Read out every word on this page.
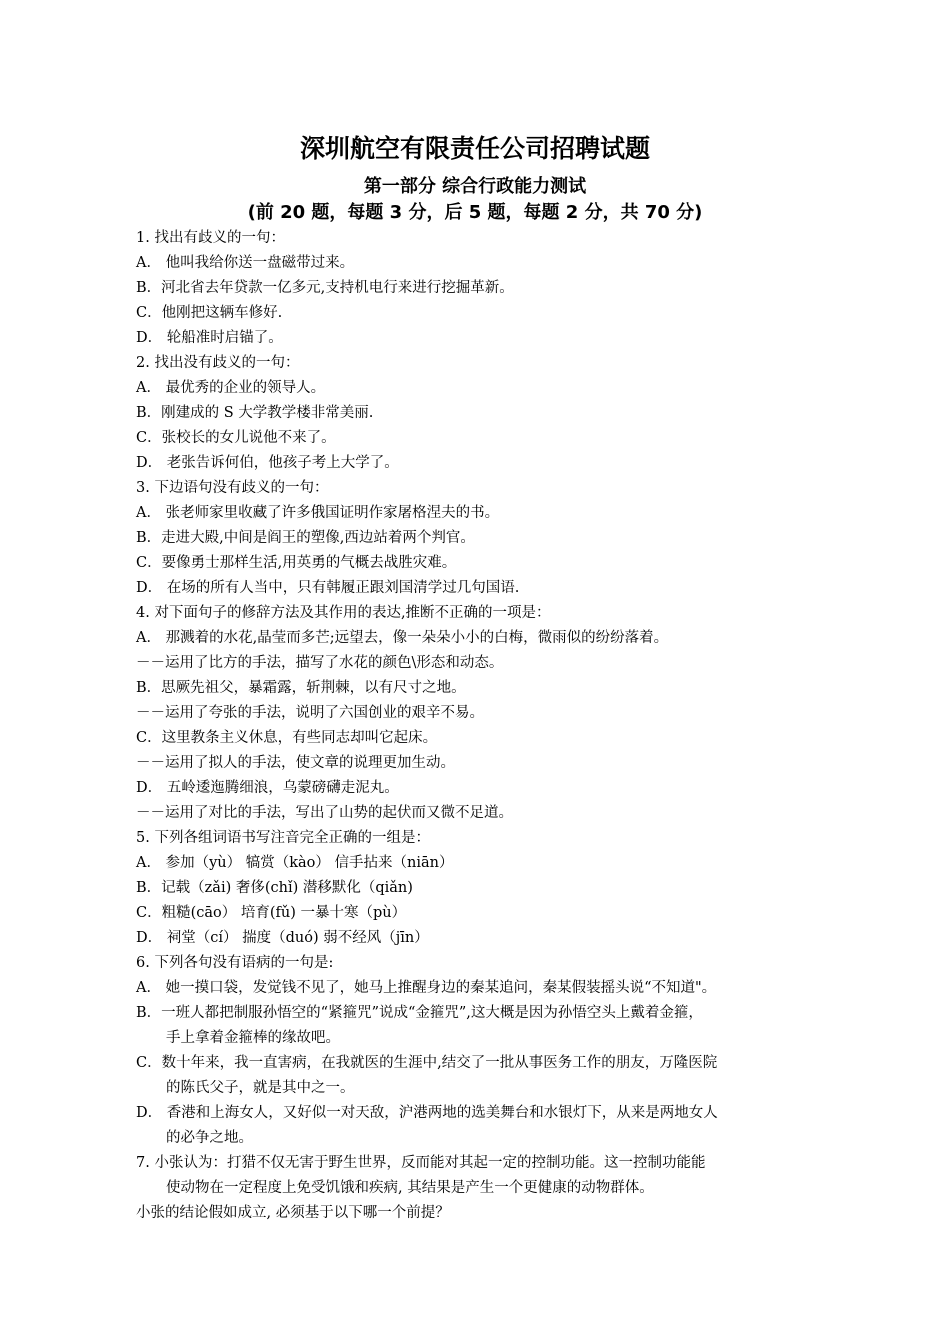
深圳航空有限责任公司招聘试题
第一部分 综合行政能力测试
(前 20 题，每题 3 分，后 5 题，每题 2 分，共 70 分)
1. 找出有歧义的一句：
A． 他叫我给你送一盘磁带过来。
B．河北省去年贷款一亿多元,支持机电行来进行挖掘革新。
C．他刚把这辆车修好.
D． 轮船准时启锚了。
2. 找出没有歧义的一句：
A． 最优秀的企业的领导人。
B．刚建成的 S 大学教学楼非常美丽.
C．张校长的女儿说他不来了。
D． 老张告诉何伯，他孩子考上大学了。
3. 下边语句没有歧义的一句：
A． 张老师家里收藏了许多俄国证明作家屠格涅夫的书。
B．走进大殿,中间是阎王的塑像,西边站着两个判官。
C．要像勇士那样生活,用英勇的气概去战胜灾难。
D． 在场的所有人当中，只有韩履正跟刘国清学过几句国语.
4. 对下面句子的修辞方法及其作用的表达,推断不正确的一项是：
A． 那溅着的水花,晶莹而多芒;远望去，像一朵朵小小的白梅，微雨似的纷纷落着。
－－运用了比方的手法，描写了水花的颜色\形态和动态。
B．思厥先祖父，暴霜露，斩荆棘，以有尺寸之地。
－－运用了夸张的手法，说明了六国创业的艰辛不易。
C．这里教条主义休息，有些同志却叫它起床。
－－运用了拟人的手法，使文章的说理更加生动。
D． 五岭逶迤腾细浪，乌蒙磅礴走泥丸。
－－运用了对比的手法，写出了山势的起伏而又微不足道。
5. 下列各组词语书写注音完全正确的一组是：
A． 参加（yù） 犒赏（kào） 信手拈来（niān）
B．记载（zǎi) 奢侈(chǐ) 潜移默化（qiǎn)
C．粗糙(cāo） 培育(fǔ) 一暴十寒（pù）
D． 祠堂（cí） 揣度（duó) 弱不经风（jīn）
6. 下列各句没有语病的一句是:
A． 她一摸口袋，发觉钱不见了，她马上推醒身边的秦某追问，秦某假装摇头说“不知道"。
B．一班人都把制服孙悟空的“紧箍咒”说成“金箍咒”,这大概是因为孙悟空头上戴着金箍，
手上拿着金箍棒的缘故吧。
C．数十年来，我一直害病，在我就医的生涯中,结交了一批从事医务工作的朋友，万隆医院
的陈氏父子，就是其中之一。
D． 香港和上海女人，又好似一对天敌，沪港两地的选美舞台和水银灯下，从来是两地女人
的必争之地。
7. 小张认为：打猎不仅无害于野生世界，反而能对其起一定的控制功能。这一控制功能能
使动物在一定程度上免受饥饿和疾病, 其结果是产生一个更健康的动物群体。
小张的结论假如成立, 必须基于以下哪一个前提？
